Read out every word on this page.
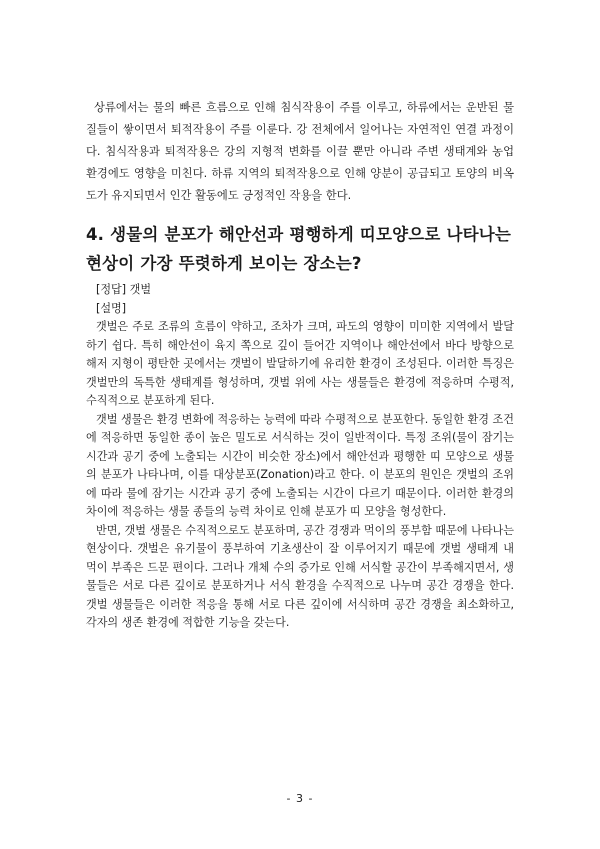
상류에서는 물의 빠른 흐름으로 인해 침식작용이 주를 이루고, 하류에서는 운반된 물질들이 쌓이면서 퇴적작용이 주를 이룬다. 강 전체에서 일어나는 자연적인 연결 과정이다. 침식작용과 퇴적작용은 강의 지형적 변화를 이끌 뿐만 아니라 주변 생태계와 농업 환경에도 영향을 미친다. 하류 지역의 퇴적작용으로 인해 양분이 공급되고 토양의 비옥도가 유지되면서 인간 활동에도 긍정적인 작용을 한다.

4. 생물의 분포가 해안선과 평행하게 띠모양으로 나타나는 현상이 가장 뚜렷하게 보이는 장소는?

[정답] 갯벌

[설명]

갯벌은 주로 조류의 흐름이 약하고, 조차가 크며, 파도의 영향이 미미한 지역에서 발달하기 쉽다. 특히 해안선이 육지 쪽으로 깊이 들어간 지역이나 해안선에서 바다 방향으로 해저 지형이 평탄한 곳에서는 갯벌이 발달하기에 유리한 환경이 조성된다. 이러한 특징은 갯벌만의 독특한 생태계를 형성하며, 갯벌 위에 사는 생물들은 환경에 적응하며 수평적, 수직적으로 분포하게 된다.

갯벌 생물은 환경 변화에 적응하는 능력에 따라 수평적으로 분포한다. 동일한 환경 조건에 적응하면 동일한 종이 높은 밀도로 서식하는 것이 일반적이다. 특정 조위(물이 잠기는 시간과 공기 중에 노출되는 시간이 비슷한 장소)에서 해안선과 평행한 띠 모양으로 생물의 분포가 나타나며, 이를 대상분포(Zonation)라고 한다. 이 분포의 원인은 갯벌의 조위에 따라 물에 잠기는 시간과 공기 중에 노출되는 시간이 다르기 때문이다. 이러한 환경의 차이에 적응하는 생물 종들의 능력 차이로 인해 분포가 띠 모양을 형성한다.

반면, 갯벌 생물은 수직적으로도 분포하며, 공간 경쟁과 먹이의 풍부함 때문에 나타나는 현상이다. 갯벌은 유기물이 풍부하여 기초생산이 잘 이루어지기 때문에 갯벌 생태계 내 먹이 부족은 드문 편이다. 그러나 개체 수의 증가로 인해 서식할 공간이 부족해지면서, 생물들은 서로 다른 깊이로 분포하거나 서식 환경을 수직적으로 나누며 공간 경쟁을 한다. 갯벌 생물들은 이러한 적응을 통해 서로 다른 깊이에 서식하며 공간 경쟁을 최소화하고, 각자의 생존 환경에 적합한 기능을 갖는다.

- 3 -
